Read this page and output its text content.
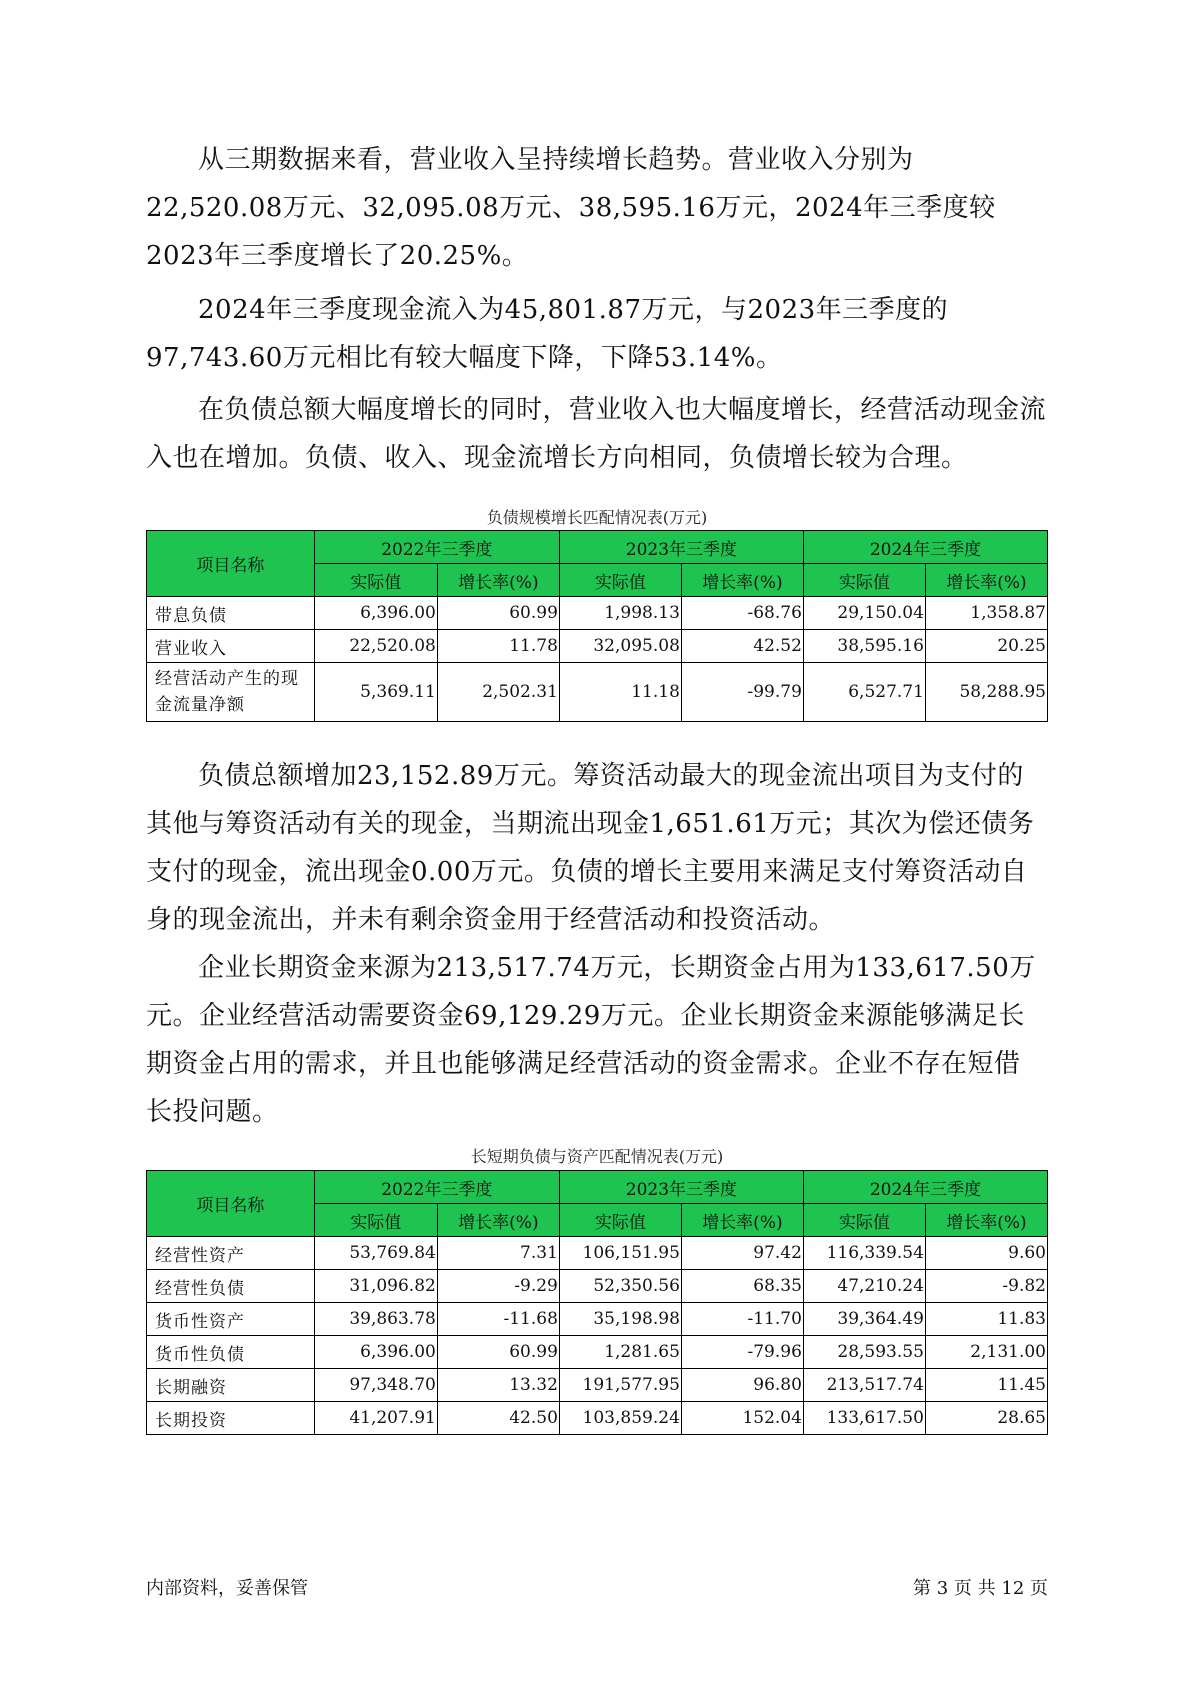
从三期数据来看，营业收入呈持续增长趋势。营业收入分别为22,520.08万元、32,095.08万元、38,595.16万元，2024年三季度较2023年三季度增长了20.25%。

2024年三季度现金流入为45,801.87万元，与2023年三季度的97,743.60万元相比有较大幅度下降，下降53.14%。

在负债总额大幅度增长的同时，营业收入也大幅度增长，经营活动现金流入也在增加。负债、收入、现金流增长方向相同，负债增长较为合理。

负债规模增长匹配情况表(万元)
项目名称	2022年三季度		2023年三季度		2024年三季度	
	实际值	增长率(%)	实际值	增长率(%)	实际值	增长率(%)
带息负债	6,396.00	60.99	1,998.13	-68.76	29,150.04	1,358.87
营业收入	22,520.08	11.78	32,095.08	42.52	38,595.16	20.25
经营活动产生的现
金流量净额	5,369.11	2,502.31	11.18	-99.79	6,527.71	58,288.95

负债总额增加23,152.89万元。筹资活动最大的现金流出项目为支付的其他与筹资活动有关的现金，当期流出现金1,651.61万元；其次为偿还债务支付的现金，流出现金0.00万元。负债的增长主要用来满足支付筹资活动自身的现金流出，并未有剩余资金用于经营活动和投资活动。

企业长期资金来源为213,517.74万元，长期资金占用为133,617.50万元。企业经营活动需要资金69,129.29万元。企业长期资金来源能够满足长期资金占用的需求，并且也能够满足经营活动的资金需求。企业不存在短借长投问题。

长短期负债与资产匹配情况表(万元)
项目名称	2022年三季度		2023年三季度		2024年三季度	
	实际值	增长率(%)	实际值	增长率(%)	实际值	增长率(%)
经营性资产	53,769.84	7.31	106,151.95	97.42	116,339.54	9.60
经营性负债	31,096.82	-9.29	52,350.56	68.35	47,210.24	-9.82
货币性资产	39,863.78	-11.68	35,198.98	-11.70	39,364.49	11.83
货币性负债	6,396.00	60.99	1,281.65	-79.96	28,593.55	2,131.00
长期融资	97,348.70	13.32	191,577.95	96.80	213,517.74	11.45
长期投资	41,207.91	42.50	103,859.24	152.04	133,617.50	28.65
内部资料，妥善保管	第 3 页 共 12 页
